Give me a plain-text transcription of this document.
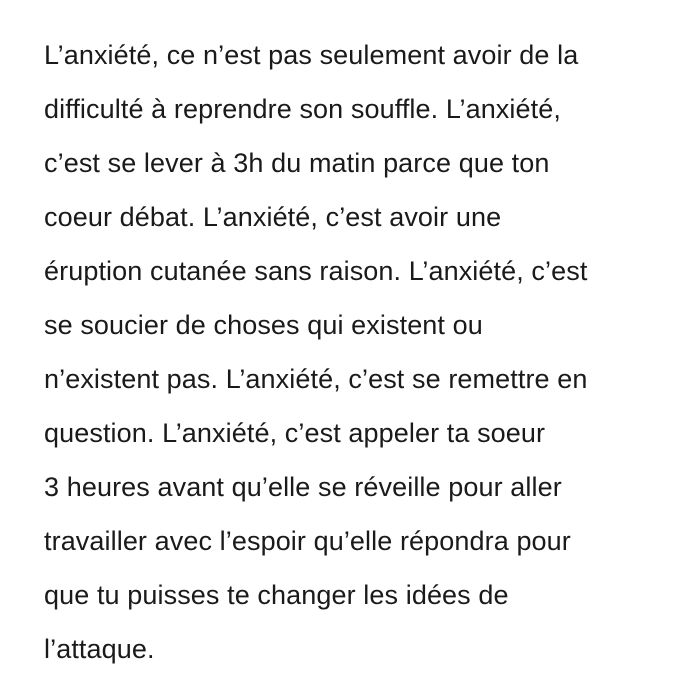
L’anxiété, ce n’est pas seulement avoir de la
difficulté à reprendre son souffle. L’anxiété,
c’est se lever à 3h du matin parce que ton
coeur débat. L’anxiété, c’est avoir une
éruption cutanée sans raison. L’anxiété, c’est
se soucier de choses qui existent ou
n’existent pas. L’anxiété, c’est se remettre en
question. L’anxiété, c’est appeler ta soeur
3 heures avant qu’elle se réveille pour aller
travailler avec l’espoir qu’elle répondra pour
que tu puisses te changer les idées de
l’attaque.
